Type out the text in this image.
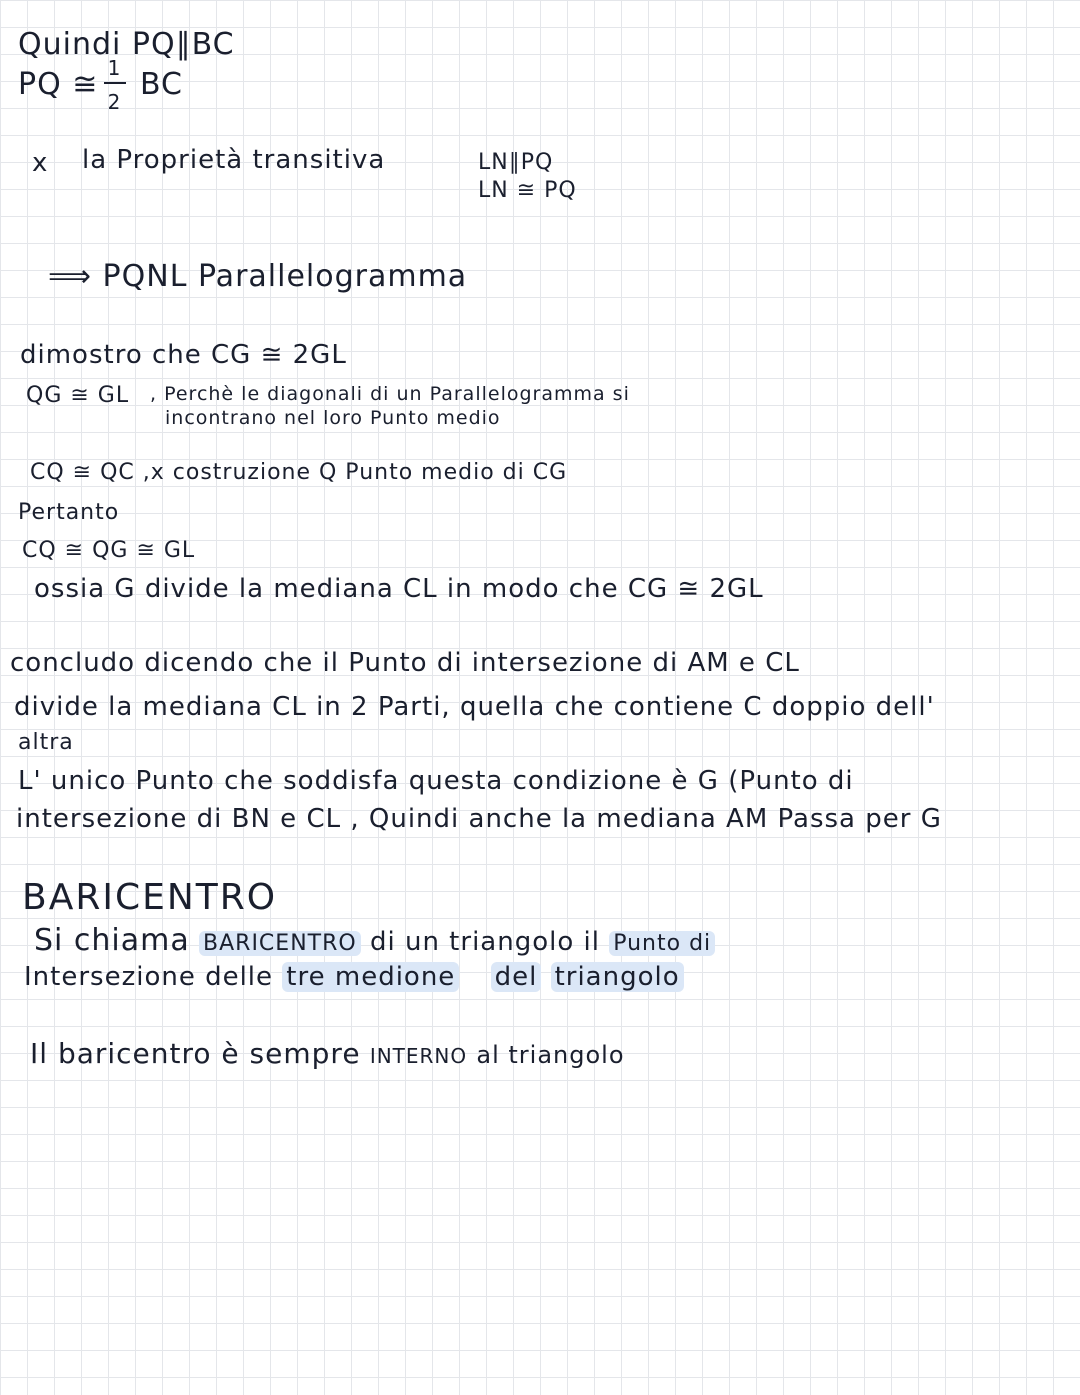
Quindi PQ∥BC
PQ ≅ 1
2 BC
x la Proprietà transitiva	LN∥PQ
LN ≅ PQ
⟹ PQNL Parallelogramma
dimostro che CG ≅ 2GL
QG ≅ GL , Perchè le diagonali di un Parallelogramma si
incontrano nel loro Punto medio
CQ ≅ QC ,x costruzione Q Punto medio di CG
Pertanto
CQ ≅ QG ≅ GL
ossia G divide la mediana CL in modo che CG ≅ 2GL
concludo dicendo che il Punto di intersezione di AM e CL
divide la mediana CL in 2 Parti, quella che contiene C doppio dell'
altra
L' unico Punto che soddisfa questa condizione è G (Punto di
intersezione di BN e CL , Quindi anche la mediana AM Passa per G
BARICENTRO
Si chiama BARICENTRO di un triangolo il Punto di
Intersezione delle tre medione del triangolo
Il baricentro è sempre INTERNO al triangolo
